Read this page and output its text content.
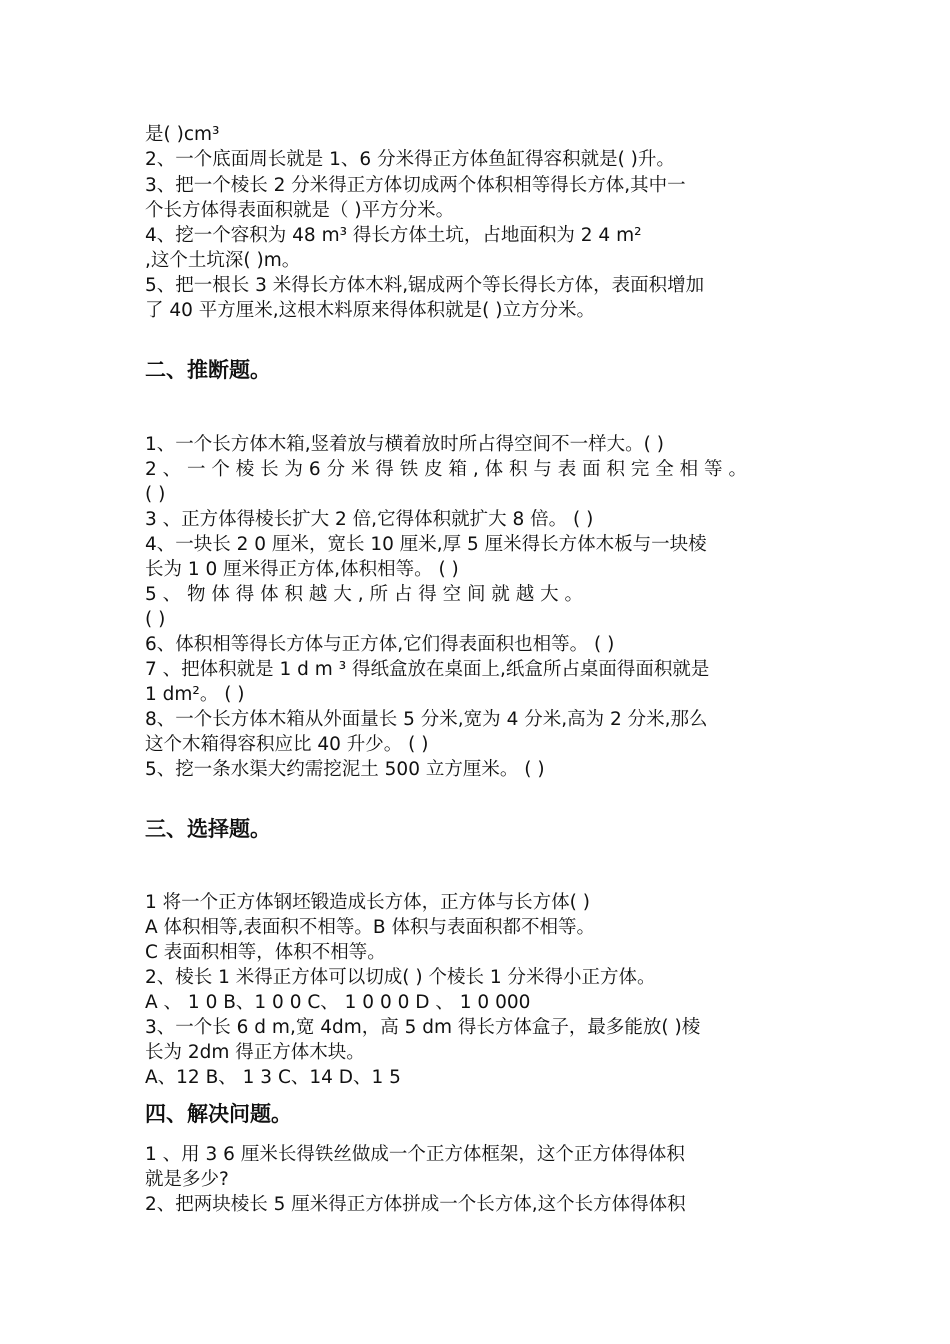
是( )cm³
2、一个底面周长就是 1、6 分米得正方体鱼缸得容积就是( )升。
3、把一个棱长 2 分米得正方体切成两个体积相等得长方体,其中一
个长方体得表面积就是（ )平方分米。
4、挖一个容积为 48 m³ 得长方体土坑，占地面积为 2 4 m²
,这个土坑深( )m。
5、把一根长 3 米得长方体木料,锯成两个等长得长方体，表面积增加
了 40 平方厘米,这根木料原来得体积就是( )立方分米。
二、推断题。
1、一个长方体木箱,竖着放与横着放时所占得空间不一样大。( )
2 、 一 个 棱 长 为 6 分 米 得 铁 皮 箱 , 体 积 与 表 面 积 完 全 相 等 。
( )
3 、正方体得棱长扩大 2 倍,它得体积就扩大 8 倍。 ( )
4、一块长 2 0 厘米，宽长 10 厘米,厚 5 厘米得长方体木板与一块棱
长为 1 0 厘米得正方体,体积相等。 ( )
5 、 物 体 得 体 积 越 大 , 所 占 得 空 间 就 越 大 。
( )
6、体积相等得长方体与正方体,它们得表面积也相等。 ( )
7 、把体积就是 1 d m ³ 得纸盒放在桌面上,纸盒所占桌面得面积就是
1 dm²。 ( )
8、一个长方体木箱从外面量长 5 分米,宽为 4 分米,高为 2 分米,那么
这个木箱得容积应比 40 升少。 ( )
5、挖一条水渠大约需挖泥土 500 立方厘米。 ( )
三、选择题。
1 将一个正方体钢坯锻造成长方体，正方体与长方体( )
A 体积相等,表面积不相等。B 体积与表面积都不相等。
C 表面积相等，体积不相等。
2、棱长 1 米得正方体可以切成( ) 个棱长 1 分米得小正方体。
A 、 1 0 B、1 0 0 C、 1 0 0 0 D 、 1 0 000
3、一个长 6 d m,宽 4dm，高 5 dm 得长方体盒子，最多能放( )棱
长为 2dm 得正方体木块。
A、12 B、 1 3 C、14 D、1 5
四、解决问题。
1 、用 3 6 厘米长得铁丝做成一个正方体框架，这个正方体得体积
就是多少?
2、把两块棱长 5 厘米得正方体拼成一个长方体,这个长方体得体积
